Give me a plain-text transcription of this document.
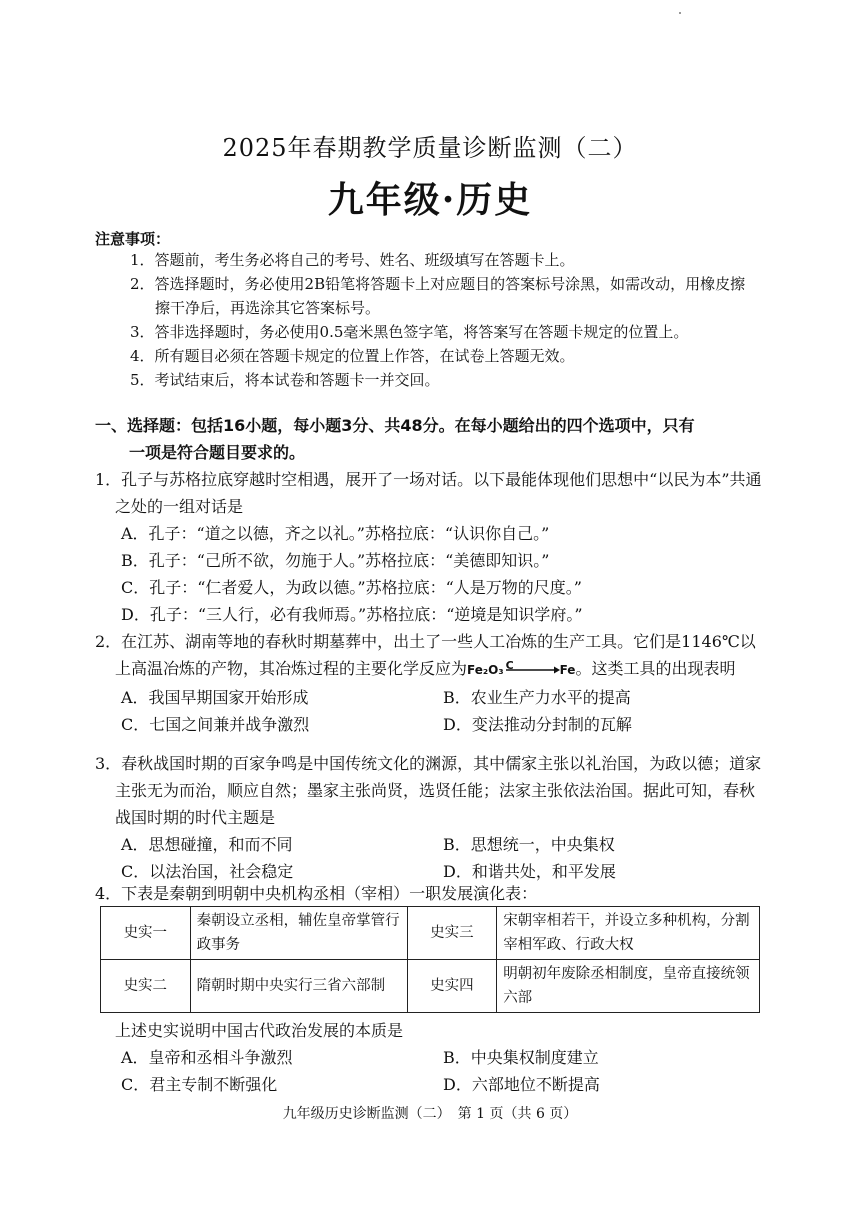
2025年春期教学质量诊断监测（二）
九年级·历史
注意事项：
1．答题前，考生务必将自己的考号、姓名、班级填写在答题卡上。
2．答选择题时，务必使用2B铅笔将答题卡上对应题目的答案标号涂黑，如需改动，用橡皮擦擦干净后，再选涂其它答案标号。
3．答非选择题时，务必使用0.5毫米黑色签字笔，将答案写在答题卡规定的位置上。
4．所有题目必须在答题卡规定的位置上作答，在试卷上答题无效。
5．考试结束后，将本试卷和答题卡一并交回。
一、选择题：包括16小题，每小题3分、共48分。在每小题给出的四个选项中，只有
一项是符合题目要求的。
1．孔子与苏格拉底穿越时空相遇，展开了一场对话。以下最能体现他们思想中“以民为本”共通之处的一组对话是
A．孔子：“道之以德，齐之以礼。”苏格拉底：“认识你自己。”
B．孔子：“己所不欲，勿施于人。”苏格拉底：“美德即知识。”
C．孔子：“仁者爱人，为政以德。”苏格拉底：“人是万物的尺度。”
D．孔子：“三人行，必有我师焉。”苏格拉底：“逆境是知识学府。”
2．在江苏、湖南等地的春秋时期墓葬中，出土了一些人工冶炼的生产工具。它们是1146℃以上高温冶炼的产物，其冶炼过程的主要化学反应为Fe₂O₃ C	Fe。这类工具的出现表明
A．我国早期国家开始形成	B．农业生产力水平的提高
C．七国之间兼并战争激烈	D．变法推动分封制的瓦解
3．春秋战国时期的百家争鸣是中国传统文化的渊源，其中儒家主张以礼治国，为政以德；道家主张无为而治，顺应自然；墨家主张尚贤，选贤任能；法家主张依法治国。据此可知，春秋战国时期的时代主题是
A．思想碰撞，和而不同	B．思想统一，中央集权
C．以法治国，社会稳定	D．和谐共处，和平发展
4．下表是秦朝到明朝中央机构丞相（宰相）一职发展演化表：
史实一	秦朝设立丞相，辅佐皇帝掌管行政事务	史实三	宋朝宰相若干，并设立多种机构，分割宰相军政、行政大权
史实二	隋朝时期中央实行三省六部制	史实四	明朝初年废除丞相制度，皇帝直接统领六部
上述史实说明中国古代政治发展的本质是
A．皇帝和丞相斗争激烈	B．中央集权制度建立
C．君主专制不断强化	D．六部地位不断提高
九年级历史诊断监测（二）　第 1 页（共 6 页）
